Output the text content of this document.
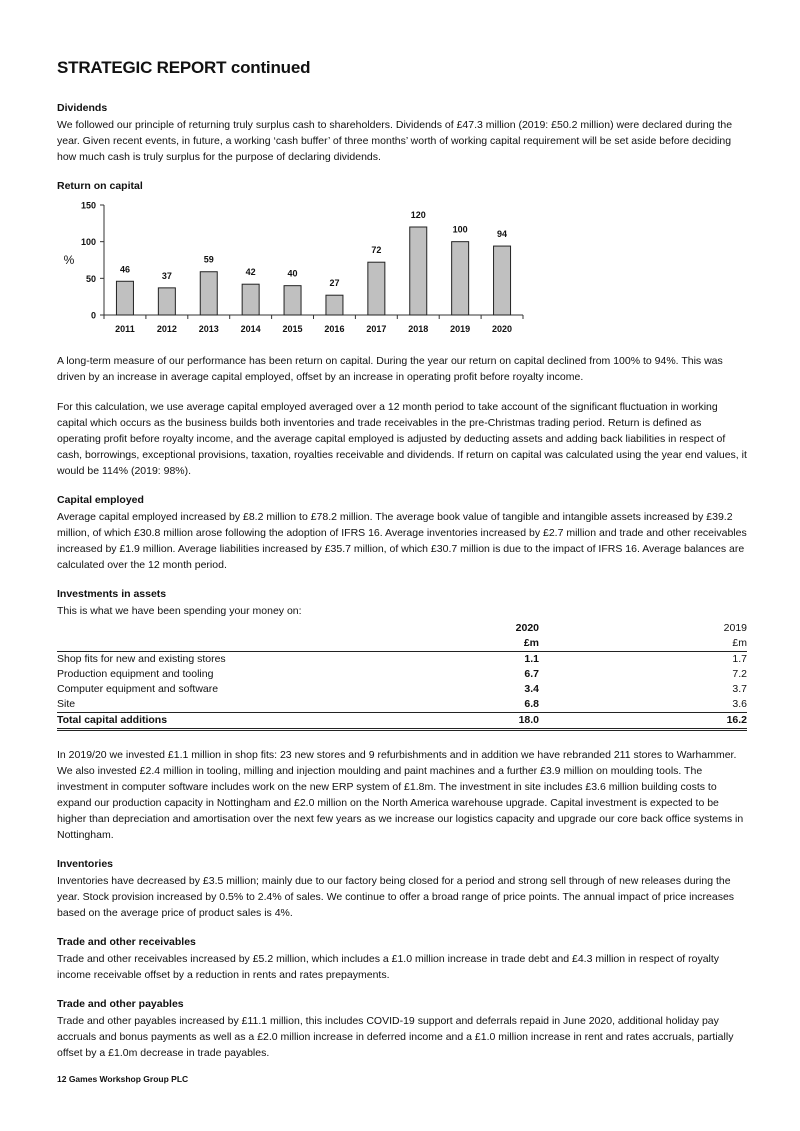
STRATEGIC REPORT continued
Dividends

We followed our principle of returning truly surplus cash to shareholders. Dividends of £47.3 million (2019: £50.2 million) were declared during the year. Given recent events, in future, a working ‘cash buffer’ of three months’ worth of working capital requirement will be set aside before deciding how much cash is truly surplus for the purpose of declaring dividends.

Return on capital
0
50
100
150
%
46
2011
37
2012
59
2013
42
2014
40
2015
27
2016
72
2017
120
2018
100
2019
94
2020

A long-term measure of our performance has been return on capital. During the year our return on capital declined from 100% to 94%. This was driven by an increase in average capital employed, offset by an increase in operating profit before royalty income.

For this calculation, we use average capital employed averaged over a 12 month period to take account of the significant fluctuation in working capital which occurs as the business builds both inventories and trade receivables in the pre-Christmas trading period. Return is defined as operating profit before royalty income, and the average capital employed is adjusted by deducting assets and adding back liabilities in respect of cash, borrowings, exceptional provisions, taxation, royalties receivable and dividends. If return on capital was calculated using the year end values, it would be 114% (2019: 98%).

Capital employed

Average capital employed increased by £8.2 million to £78.2 million. The average book value of tangible and intangible assets increased by £39.2 million, of which £30.8 million arose following the adoption of IFRS 16. Average inventories increased by £2.7 million and trade and other receivables increased by £1.9 million. Average liabilities increased by £35.7 million, of which £30.7 million is due to the impact of IFRS 16. Average balances are calculated over the 12 month period.

Investments in assets

This is what we have been spending your money on:

	2020	2019
	£m	£m
Shop fits for new and existing stores	1.1	1.7
Production equipment and tooling	6.7	7.2
Computer equipment and software	3.4	3.7
Site	6.8	3.6
Total capital additions	18.0	16.2

In 2019/20 we invested £1.1 million in shop fits: 23 new stores and 9 refurbishments and in addition we have rebranded 211 stores to Warhammer. We also invested £2.4 million in tooling, milling and injection moulding and paint machines and a further £3.9 million on moulding tools. The investment in computer software includes work on the new ERP system of £1.8m. The investment in site includes £3.6 million building costs to expand our production capacity in Nottingham and £2.0 million on the North America warehouse upgrade. Capital investment is expected to be higher than depreciation and amortisation over the next few years as we increase our logistics capacity and upgrade our core back office systems in Nottingham.

Inventories

Inventories have decreased by £3.5 million; mainly due to our factory being closed for a period and strong sell through of new releases during the year. Stock provision increased by 0.5% to 2.4% of sales. We continue to offer a broad range of price points. The annual impact of price increases based on the average price of product sales is 4%.

Trade and other receivables

Trade and other receivables increased by £5.2 million, which includes a £1.0 million increase in trade debt and £4.3 million in respect of royalty income receivable offset by a reduction in rents and rates prepayments.

Trade and other payables

Trade and other payables increased by £11.1 million, this includes COVID-19 support and deferrals repaid in June 2020, additional holiday pay accruals and bonus payments as well as a £2.0 million increase in deferred income and a £1.0 million increase in rent and rates accruals, partially offset by a £1.0m decrease in trade payables.

12 Games Workshop Group PLC
